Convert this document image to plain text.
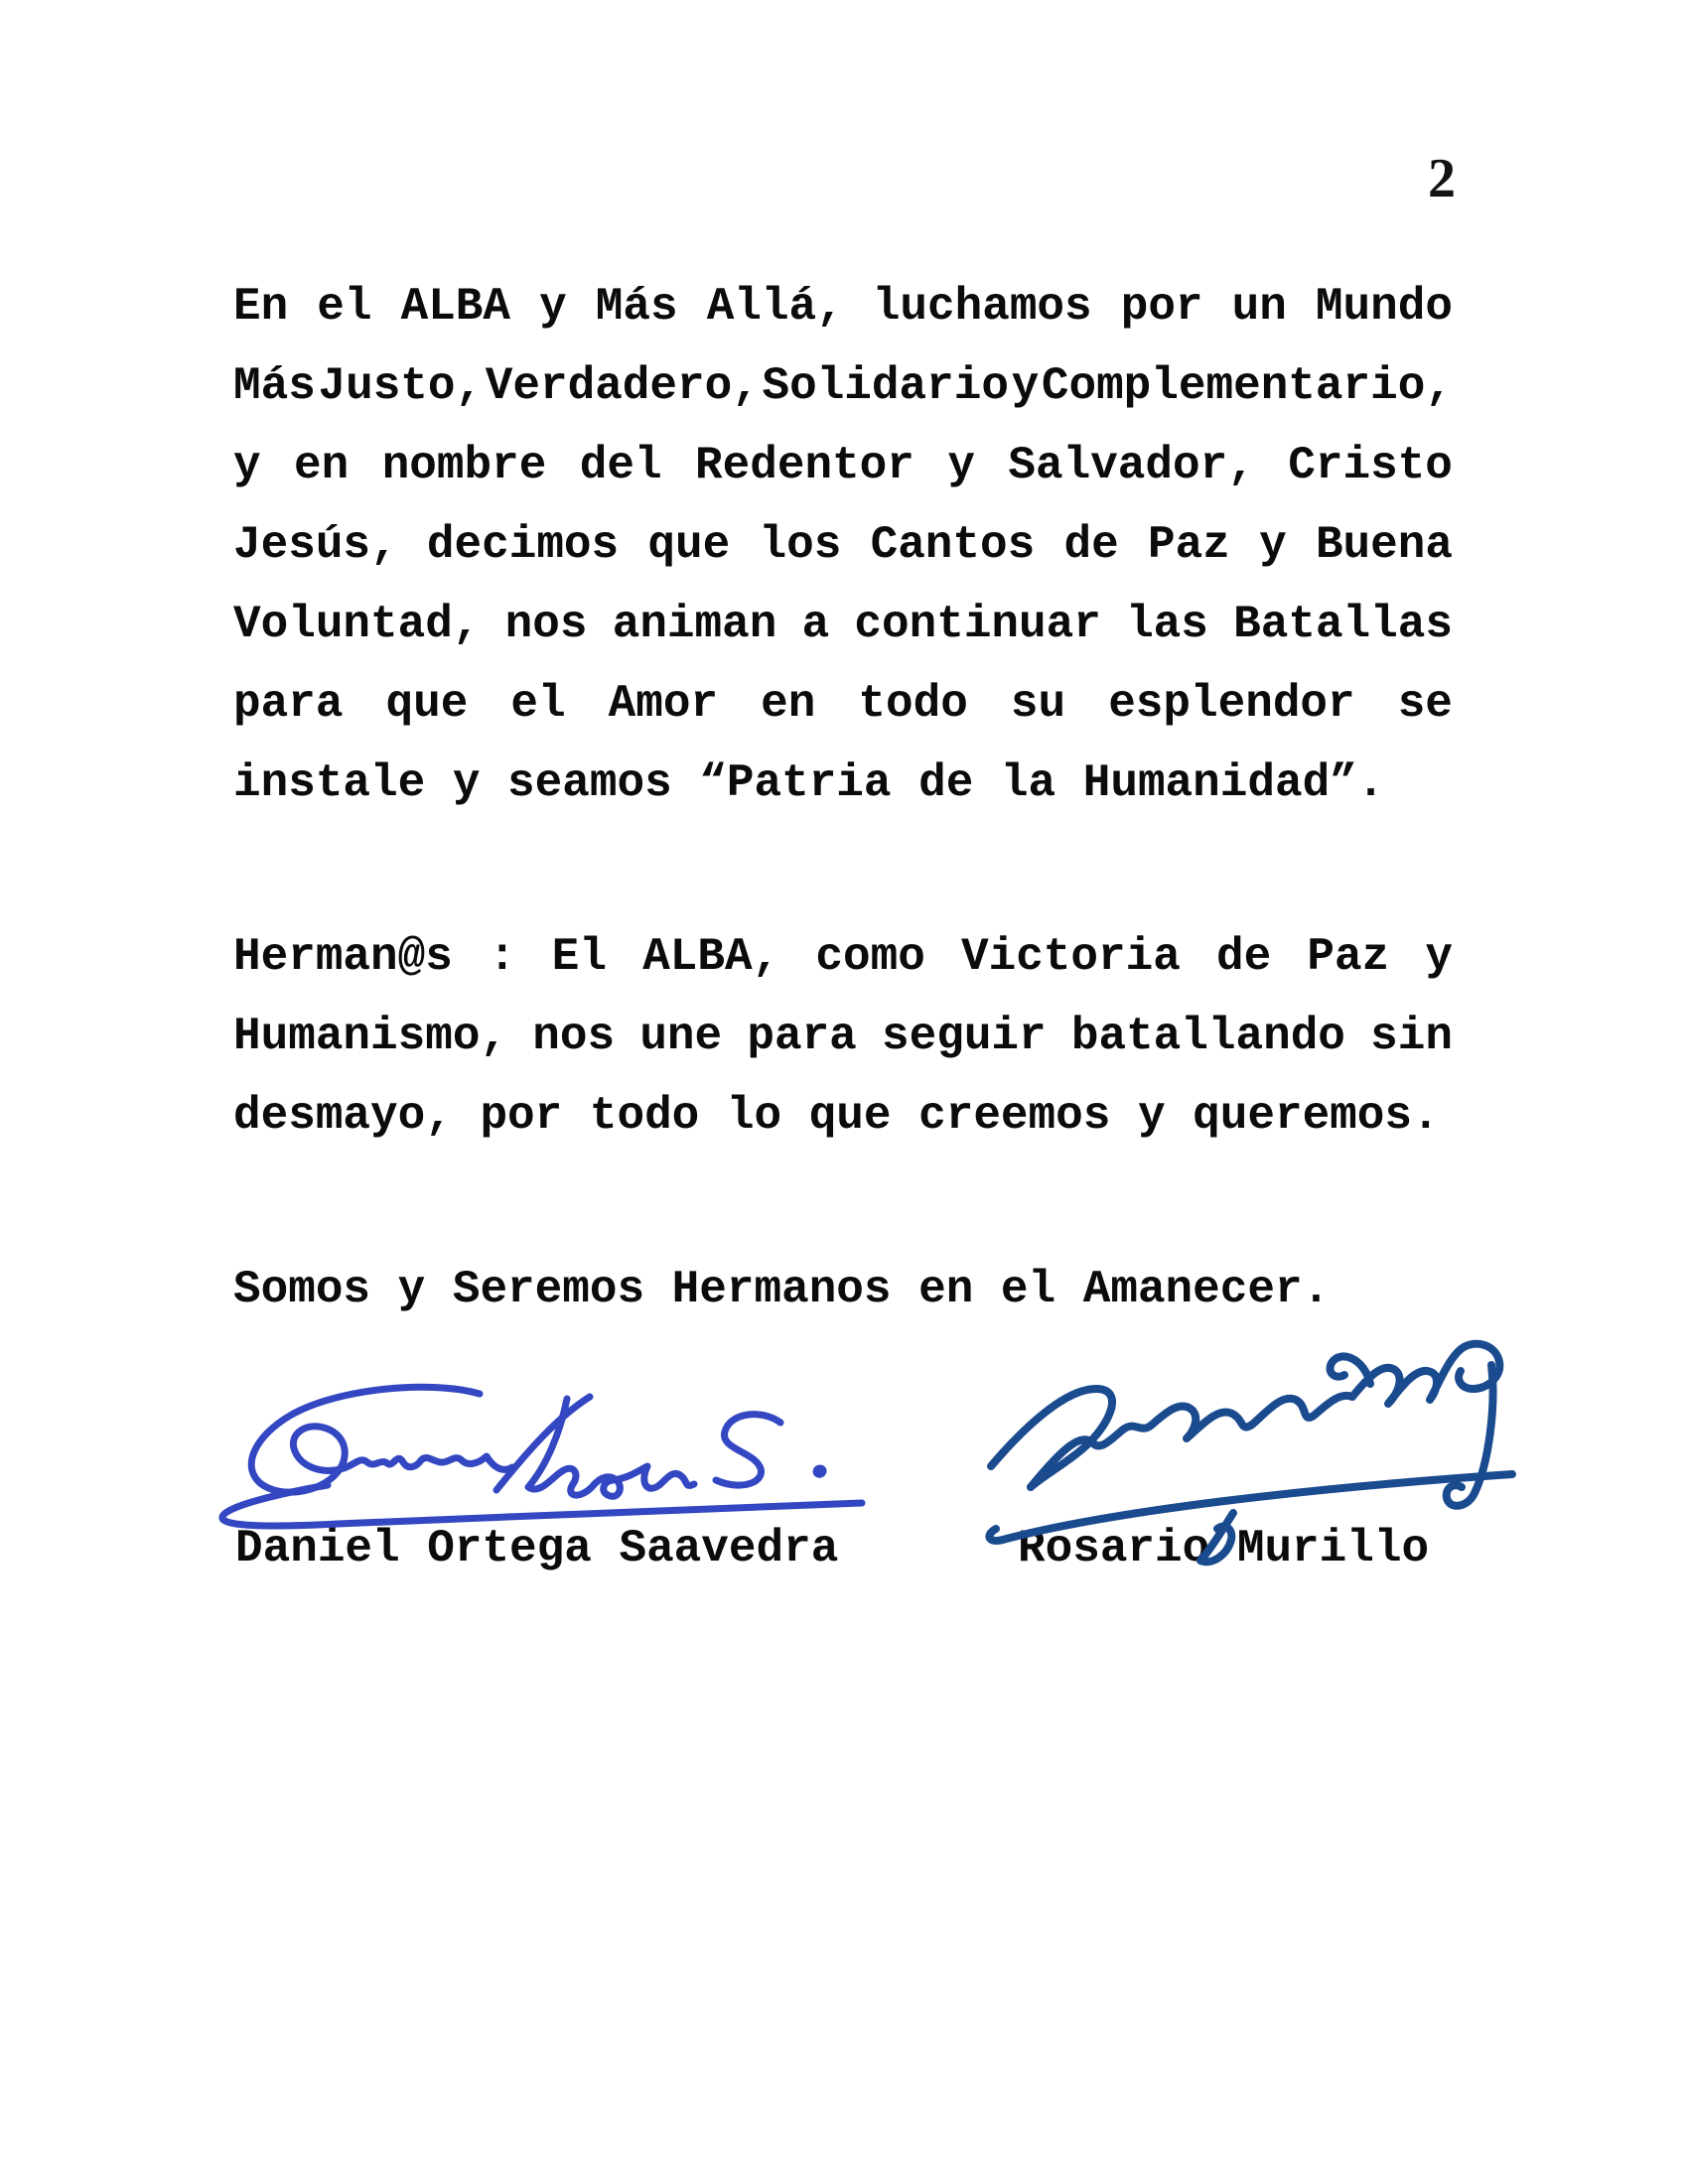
2
En el ALBA y Más Allá, luchamos por un Mundo
Más Justo, Verdadero, Solidario y Complementario,
y en nombre del Redentor y Salvador, Cristo
Jesús, decimos que los Cantos de Paz y Buena
Voluntad, nos animan a continuar las Batallas
para que el Amor en todo su esplendor se
instale y seamos “Patria de la Humanidad”.
Herman@s : El ALBA, como Victoria de Paz y
Humanismo, nos une para seguir batallando sin
desmayo, por todo lo que creemos y queremos.
Somos y Seremos Hermanos en el Amanecer.
Daniel Ortega Saavedra	Rosario Murillo
